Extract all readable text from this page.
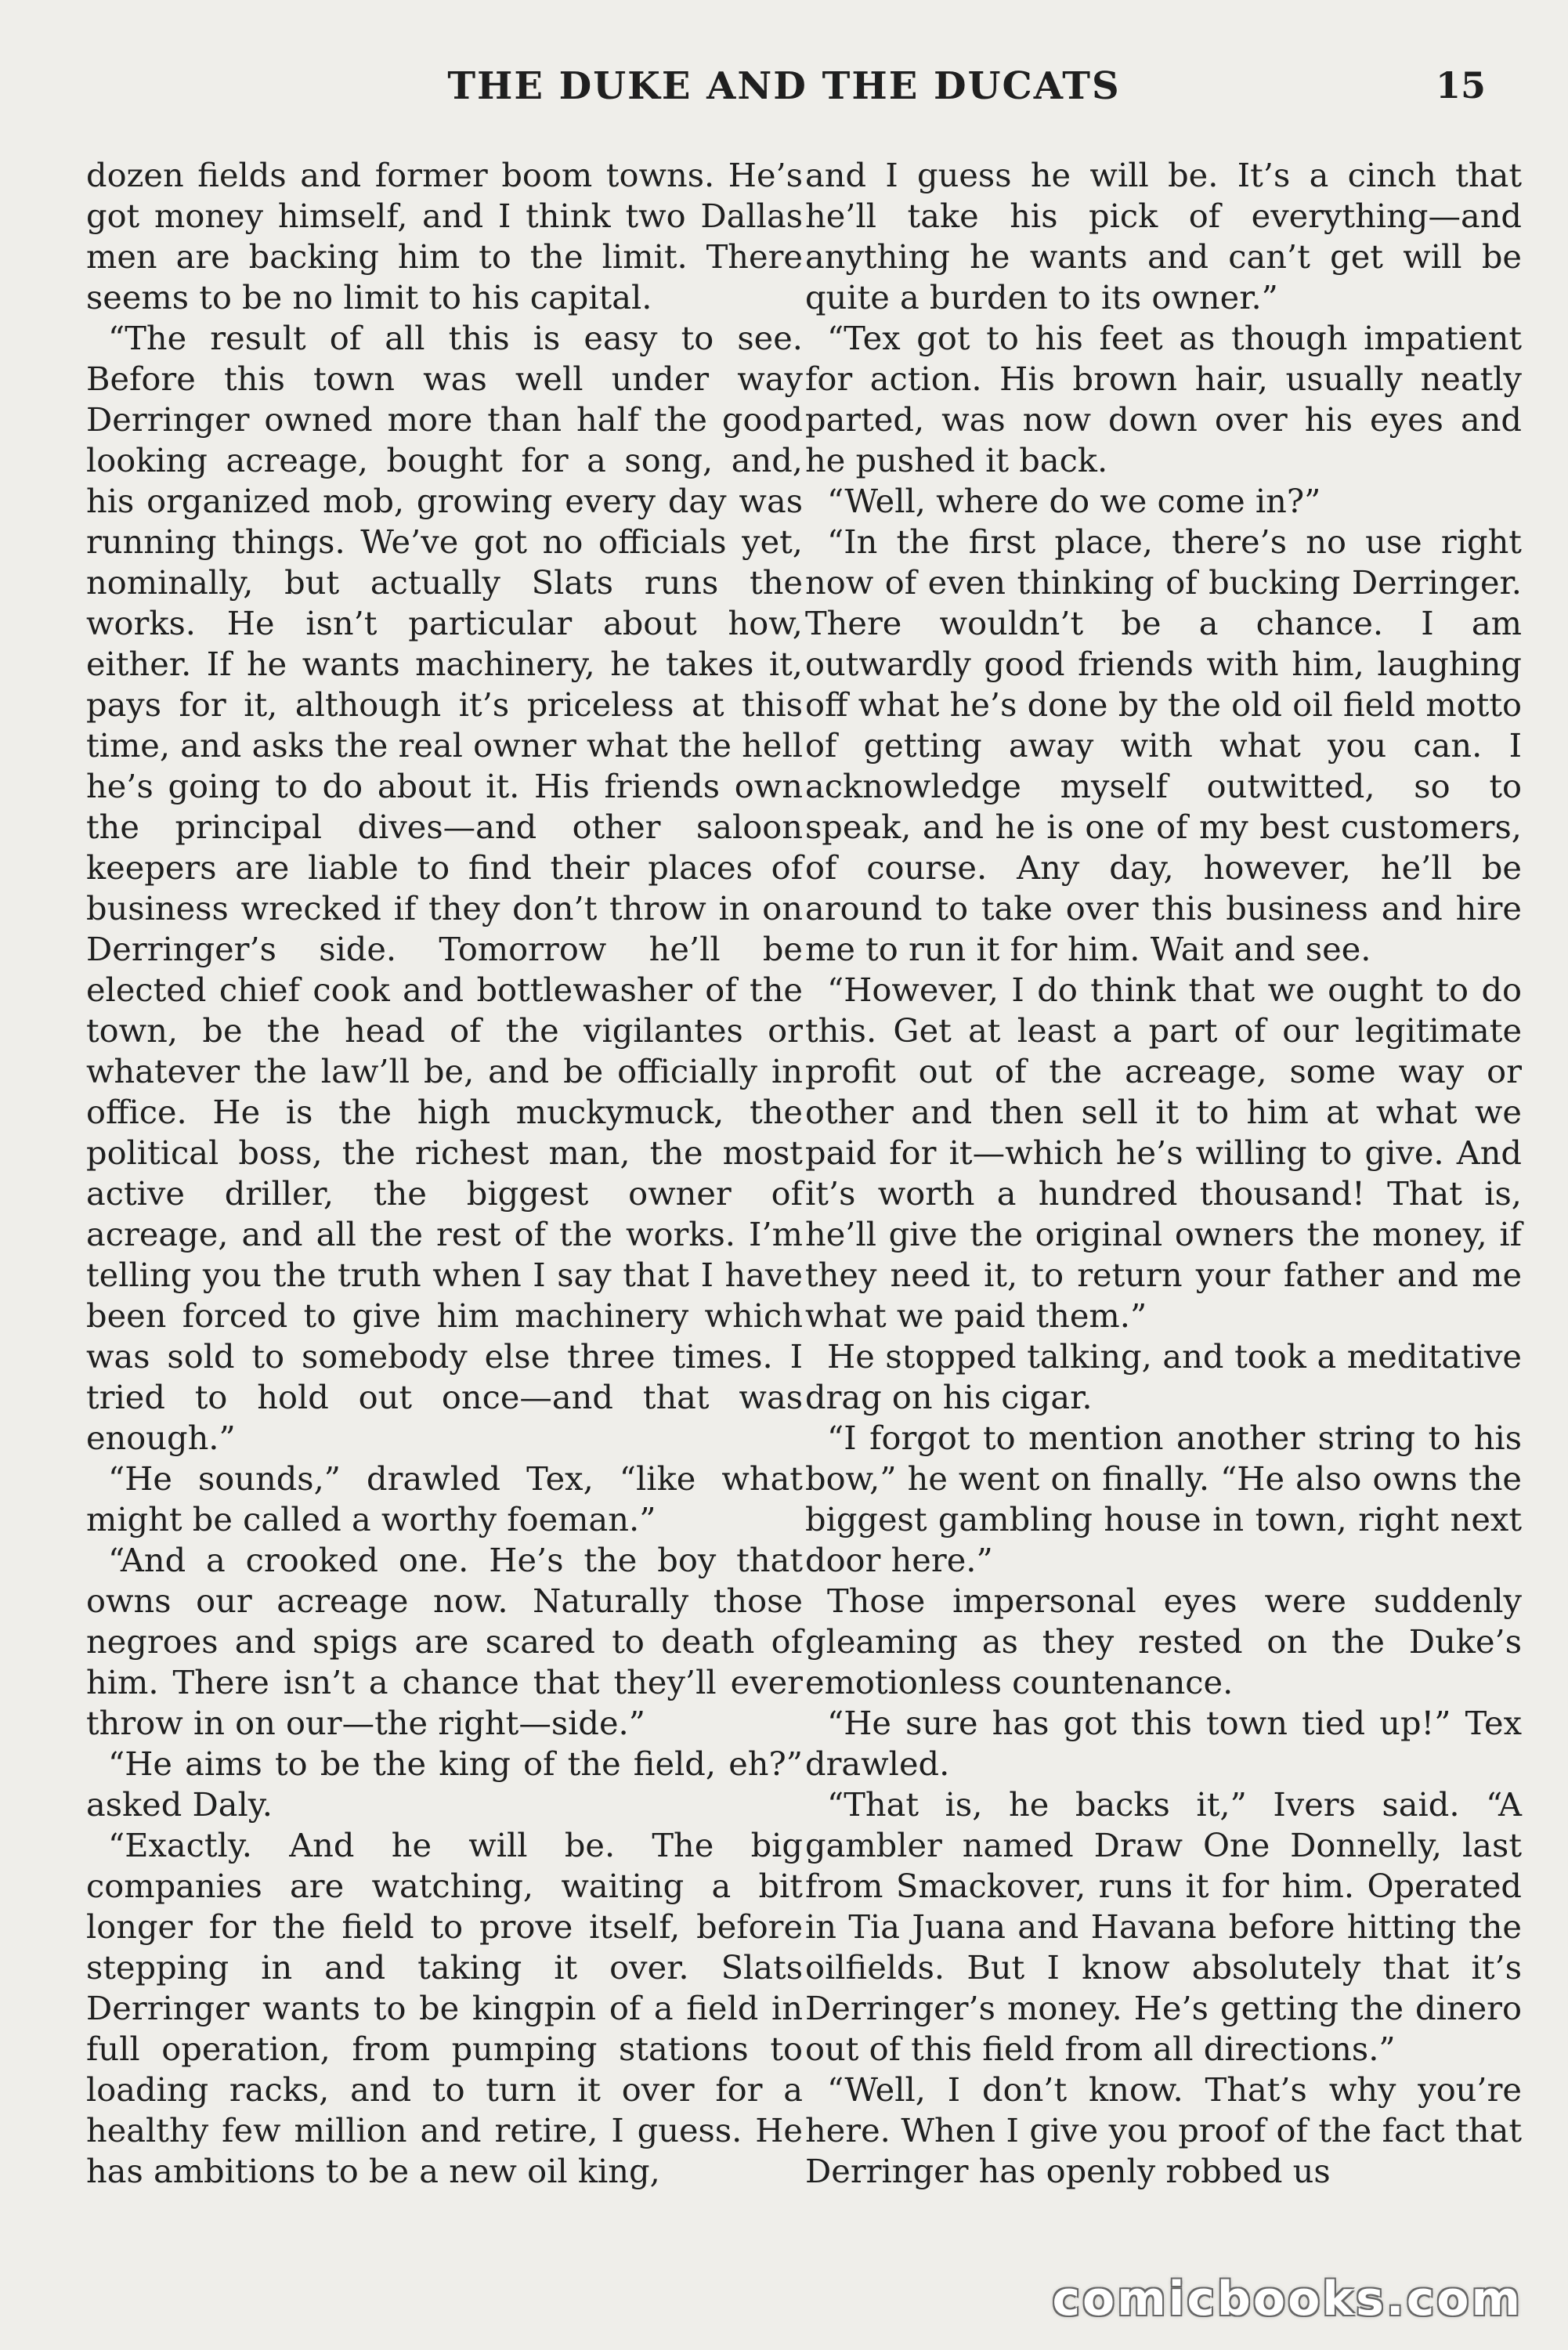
THE DUKE AND THE DUCATS	15

dozen fields and former boom towns. He’s got money himself, and I think two Dallas men are backing him to the limit. There seems to be no limit to his capital.

“The result of all this is easy to see. Before this town was well under way Derringer owned more than half the good looking acreage, bought for a song, and, his organized mob, growing every day was running things. We’ve got no officials yet, nominally, but actually Slats runs the works. He isn’t particular about how, either. If he wants machinery, he takes it, pays for it, although it’s priceless at this time, and asks the real owner what the hell he’s going to do about it. His friends own the principal dives—and other saloon keepers are liable to find their places of business wrecked if they don’t throw in on Derringer’s side. Tomorrow he’ll be elected chief cook and bottlewasher of the town, be the head of the vigilantes or whatever the law’ll be, and be officially in office. He is the high muckymuck, the political boss, the richest man, the most active driller, the biggest owner of acreage, and all the rest of the works. I’m telling you the truth when I say that I have been forced to give him machinery which was sold to somebody else three times. I tried to hold out once—and that was enough.”

“He sounds,” drawled Tex, “like what might be called a worthy foeman.”

“And a crooked one. He’s the boy that owns our acreage now. Naturally those negroes and spigs are scared to death of him. There isn’t a chance that they’ll ever throw in on our—the right—side.”

“He aims to be the king of the field, eh?” asked Daly.

“Exactly. And he will be. The big companies are watching, waiting a bit longer for the field to prove itself, before stepping in and taking it over. Slats Derringer wants to be kingpin of a field in full operation, from pumping stations to loading racks, and to turn it over for a healthy few million and retire, I guess. He has ambitions to be a new oil king,

and I guess he will be. It’s a cinch that he’ll take his pick of everything—and anything he wants and can’t get will be quite a burden to its owner.”

“Tex got to his feet as though impatient for action. His brown hair, usually neatly parted, was now down over his eyes and he pushed it back.

“Well, where do we come in?”

“In the first place, there’s no use right now of even thinking of bucking Derringer. There wouldn’t be a chance. I am outwardly good friends with him, laughing off what he’s done by the old oil field motto of getting away with what you can. I acknowledge myself outwitted, so to speak, and he is one of my best customers, of course. Any day, however, he’ll be around to take over this business and hire me to run it for him. Wait and see.

“However, I do think that we ought to do this. Get at least a part of our legitimate profit out of the acreage, some way or other and then sell it to him at what we paid for it—which he’s willing to give. And it’s worth a hundred thousand! That is, he’ll give the original owners the money, if they need it, to return your father and me what we paid them.”

He stopped talking, and took a meditative drag on his cigar.

“I forgot to mention another string to his bow,” he went on finally. “He also owns the biggest gambling house in town, right next door here.”

Those impersonal eyes were suddenly gleaming as they rested on the Duke’s emotionless countenance.

“He sure has got this town tied up!” Tex drawled.

“That is, he backs it,” Ivers said. “A gambler named Draw One Donnelly, last from Smackover, runs it for him. Operated in Tia Juana and Havana before hitting the oilfields. But I know absolutely that it’s Derringer’s money. He’s getting the dinero out of this field from all directions.”

“Well, I don’t know. That’s why you’re here. When I give you proof of the fact that Derringer has openly robbed us

comicbooks.com
